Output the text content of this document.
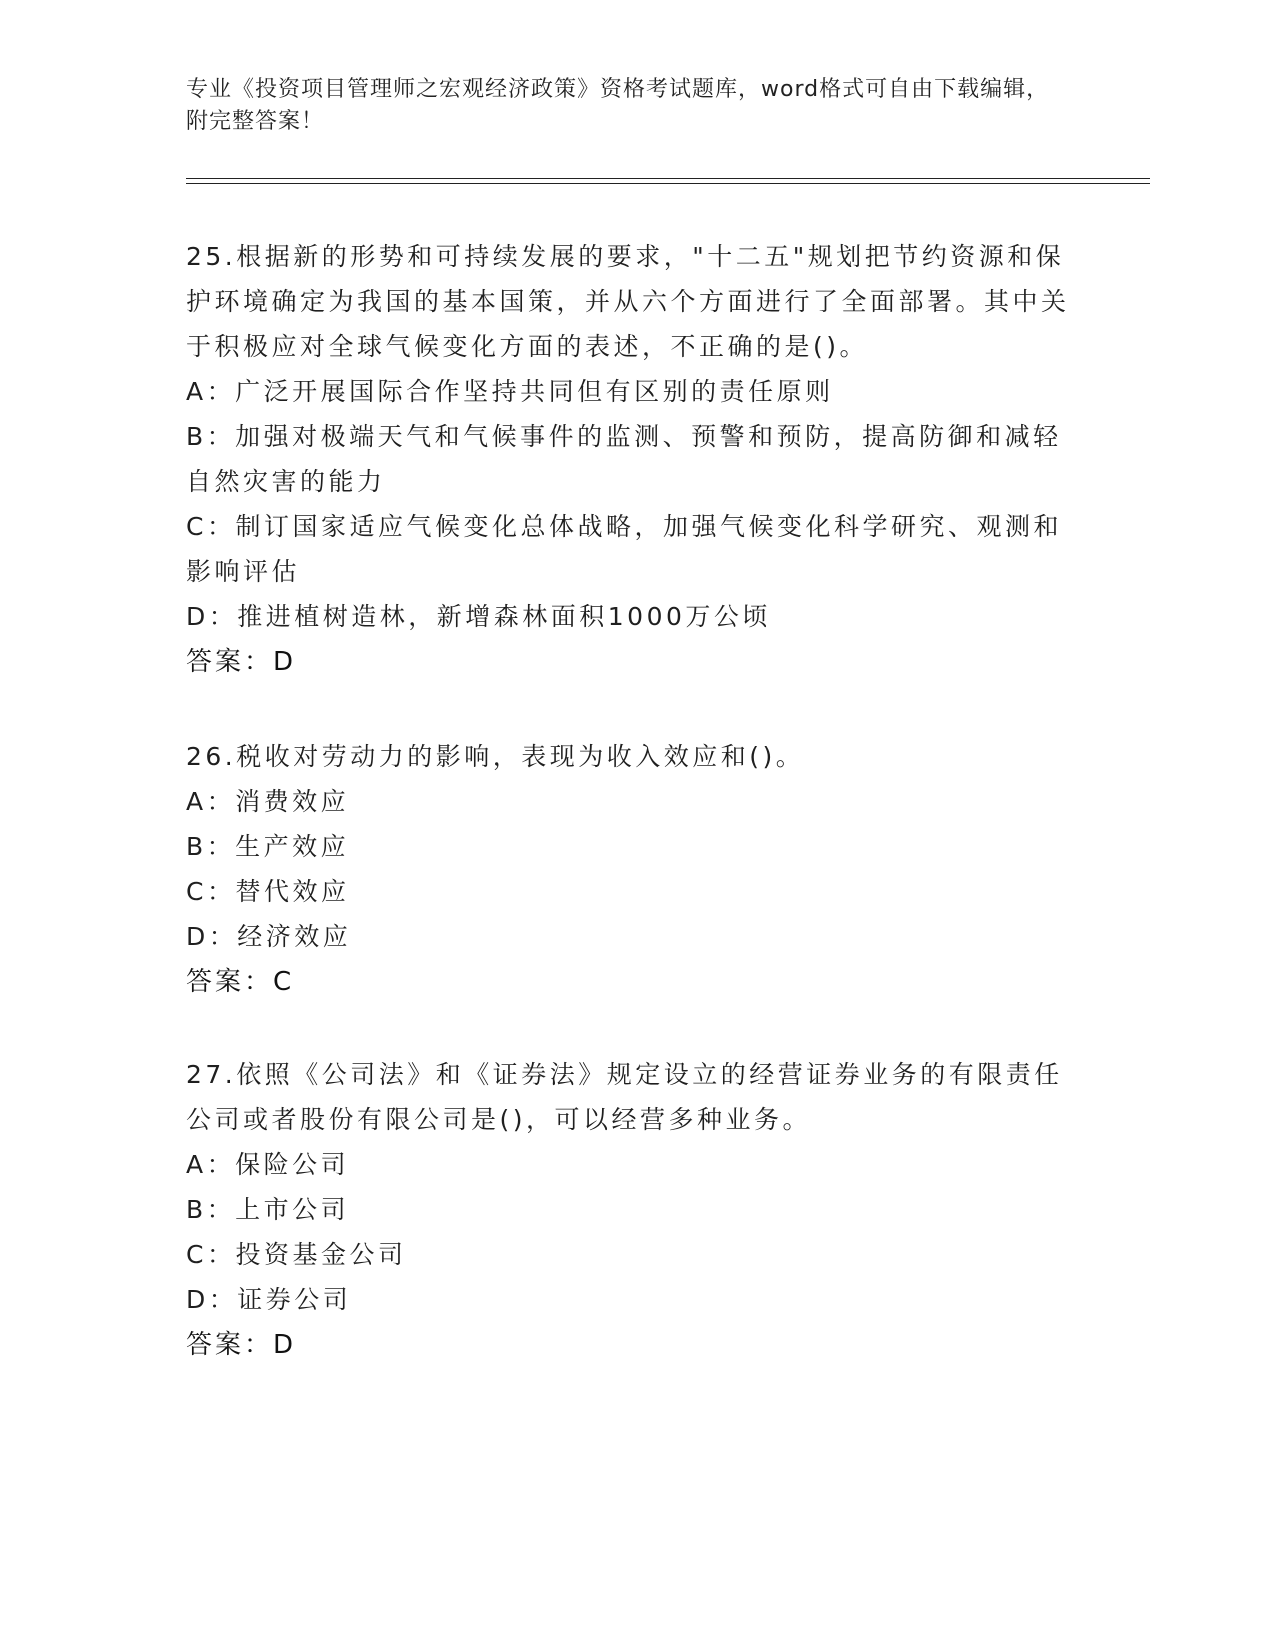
专业《投资项目管理师之宏观经济政策》资格考试题库，word格式可自由下载编辑，附完整答案！

25.根据新的形势和可持续发展的要求，"十二五"规划把节约资源和保护环境确定为我国的基本国策，并从六个方面进行了全面部署。其中关于积极应对全球气候变化方面的表述，不正确的是()。

A：广泛开展国际合作坚持共同但有区别的责任原则

B：加强对极端天气和气候事件的监测、预警和预防，提高防御和减轻自然灾害的能力

C：制订国家适应气候变化总体战略，加强气候变化科学研究、观测和影响评估

D：推进植树造林，新增森林面积1000万公顷

答案：D

26.税收对劳动力的影响，表现为收入效应和()。

A：消费效应

B：生产效应

C：替代效应

D：经济效应

答案：C

27.依照《公司法》和《证券法》规定设立的经营证券业务的有限责任公司或者股份有限公司是()，可以经营多种业务。

A：保险公司

B：上市公司

C：投资基金公司

D：证券公司

答案：D
